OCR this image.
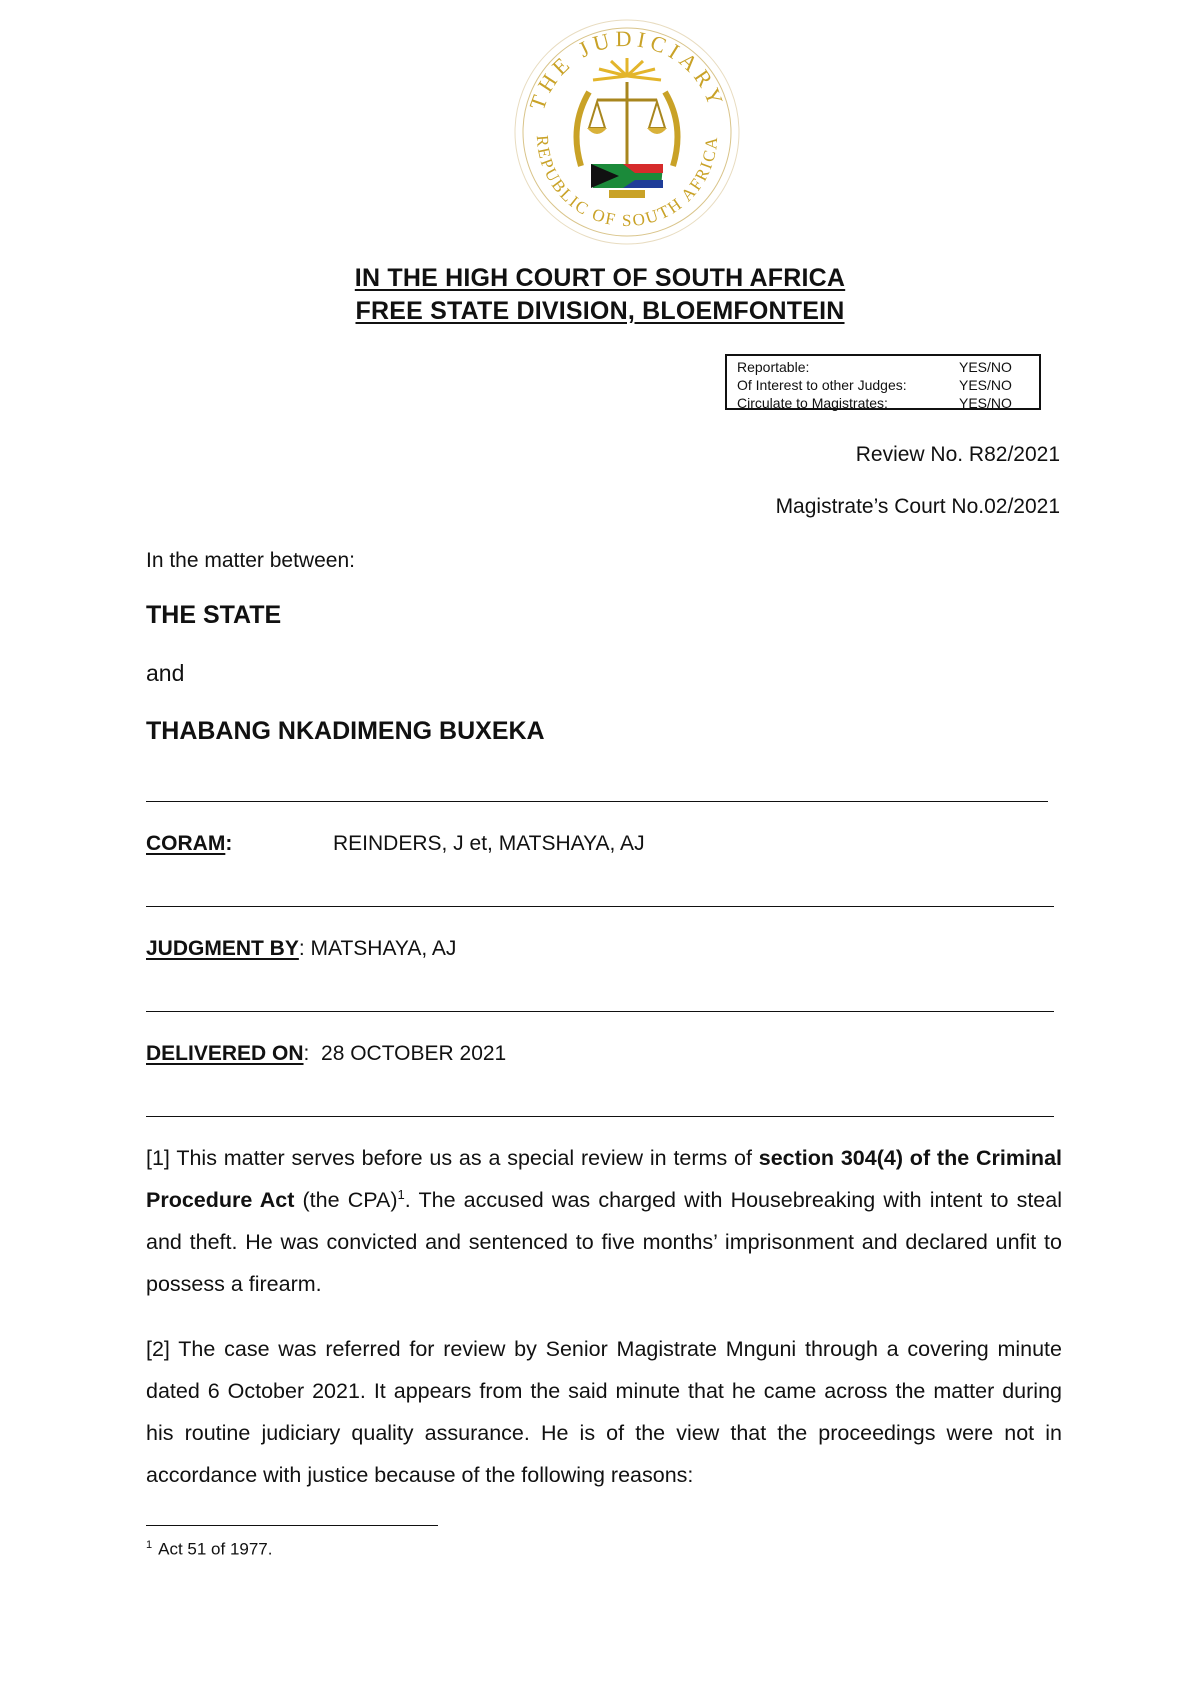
THE JUDICIARY
REPUBLIC OF SOUTH AFRICA
IN THE HIGH COURT OF SOUTH AFRICA
FREE STATE DIVISION, BLOEMFONTEIN
Reportable:	YES/NO
Of Interest to other Judges:	YES/NO
Circulate to Magistrates:	YES/NO
Review No. R82/2021
Magistrate’s Court No.02/2021
In the matter between:
THE STATE
and
THABANG NKADIMENG BUXEKA
CORAM:	REINDERS, J et, MATSHAYA, AJ
JUDGMENT BY: MATSHAYA, AJ
DELIVERED ON:  28 OCTOBER 2021
[1] This matter serves before us as a special review in terms of section 304(4) of the Criminal Procedure Act (the CPA)$^1$. The accused was charged with Housebreaking with intent to steal and theft. He was convicted and sentenced to five months’ imprisonment and declared unfit to possess a firearm.
[2] The case was referred for review by Senior Magistrate Mnguni through a covering minute dated 6 October 2021. It appears from the said minute that he came across the matter during his routine judiciary quality assurance. He is of the view that the proceedings were not in accordance with justice because of the following reasons:
$^1$ Act 51 of 1977.
